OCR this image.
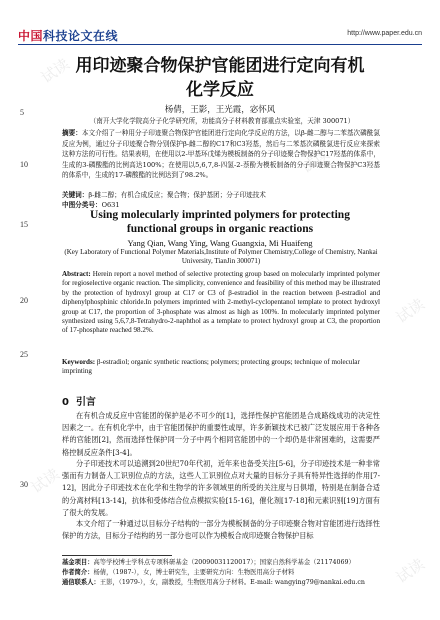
中国科技论文在线	http://www.paper.edu.cn
试读
试读
试读
试读
试读
用印迹聚合物保护官能团进行定向有机
化学反应
杨倩，王影，王光霞，宓怀风
5
10
15
20
25
30
（南开大学化学院高分子化学研究所，功能高分子材料教育部重点实验室，天津 300071）
摘要：本文介绍了一种用分子印迹聚合物保护官能团进行定向化学反应的方法，以β-雌二醇与二苯基次磷酰氯反应为例，通过分子印迹聚合物分别保护β-雌二醇的C17和C3羟基，然后与二苯基次磷酰氯进行反应来探索这种方法的可行性。结果表明，在使用以2-甲基环戊烯为模板制备的分子印迹聚合物保护C17羟基的体系中，生成的3-磷酸酯的比例高达100%；在使用以5,6,7,8-四氢-2-萘酚为模板制备的分子印迹聚合物保护C3羟基的体系中，生成的17-磷酸酯的比例达到了98.2%。
关键词：β-雌二醇；有机合成反应；聚合物；保护基团；分子印迹技术
中图分类号：O631
Using molecularly imprinted polymers for protecting
functional groups in organic reactions
Yang Qian, Wang Ying, Wang Guangxia, Mi Huaifeng
(Key Laboratory of Functional Polymer Materials,Institute of Polymer Chemistry,College of Chemistry, Nankai University, TianJin 300071)
Abstract: Herein report a novel method of selective protecting group based on molecularly imprinted polymer for regioselective organic reaction. The simplicity, convenience and feasibility of this method may be illustrated by the protection of hydroxyl group at C17 or C3 of β-estradiol in the reaction between β-estradiol and diphenylphosphinic chloride.In polymers imprinted with 2-methyl-cyclopentanol template to protect hydroxyl group at C17, the proportion of 3-phosphate was almost as high as 100%. In molecularly imprinted polymer synthesized using 5,6,7,8-Tetrahydro-2-naphthol as a template to protect hydroxyl group at C3, the proportion of 17-phosphate reached 98.2%.
Keywords: β-estradiol; organic synthetic reactions; polymers; protecting groups; technique of molecular imprinting
0 引言
在有机合成反应中官能团的保护是必不可少的[1]，选择性保护官能团是合成路线成功的决定性因素之一。在有机化学中，由于官能团保护的重要性或厚，许多新颖技术已被广泛发展应用于各种各样的官能团[2]，然而选择性保护同一分子中两个相同官能团中的一个却仍是非常困难的，这需要严格控制反应条件[3-4]。
分子印迹技术可以追溯到20世纪70年代初，近年来也备受关注[5-6]，分子印迹技术是一种非常强而有力制备人工识别位点的方法，这些人工识别位点对大量的目标分子具有特异性选择的作用[7-12]，因此分子印迹技术在化学和生物学的许多领域里的所受的关注度与日俱增，特别是在制备合适的分离材料[13-14]，抗体和受体结合位点模拟实验[15-16]，催化剂[17-18]和元素识别[19]方面有了很大的发展。
本文介绍了一种通过以目标分子结构的一部分为模板制备的分子印迹聚合物对官能团进行选择性保护的方法，目标分子结构的另一部分也可以作为模板合成印迹聚合物保护目标
基金项目：高等学校博士学科点专项科研基金（20090031120017）；国家自然科学基金（21174069）
作者简介：杨倩，（1987-），女，博士研究生，主要研究方向：生物医用高分子材料
通信联系人：王影，（1979-），女，副教授，生物医用高分子材料。E-mail: wangying79@nankai.edu.cn
